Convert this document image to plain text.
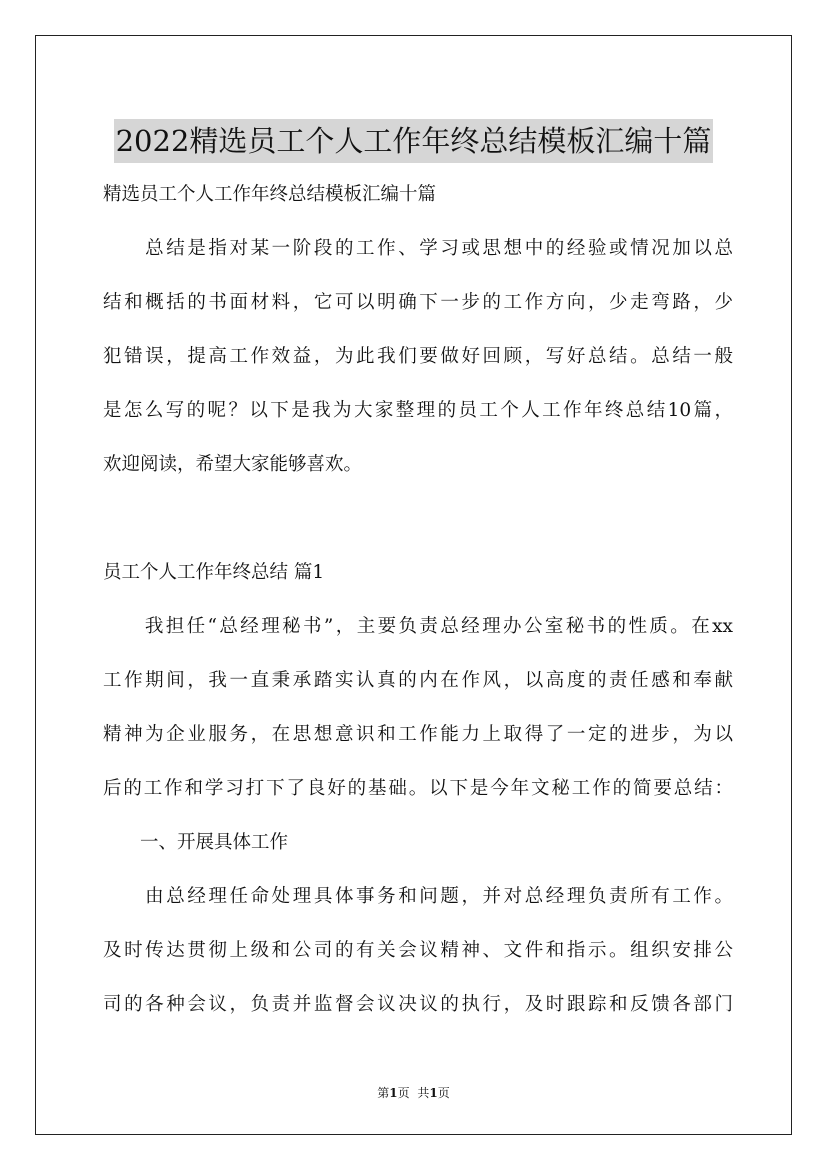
2022精选员工个人工作年终总结模板汇编十篇
精选员工个人工作年终总结模板汇编十篇
　　总结是指对某一阶段的工作、学习或思想中的经验或情况加以总
结和概括的书面材料，它可以明确下一步的工作方向，少走弯路，少
犯错误，提高工作效益，为此我们要做好回顾，写好总结。总结一般
是怎么写的呢？以下是我为大家整理的员工个人工作年终总结10篇，
欢迎阅读，希望大家能够喜欢。
员工个人工作年终总结 篇1
　　我担任“总经理秘书”，主要负责总经理办公室秘书的性质。在xx
工作期间，我一直秉承踏实认真的内在作风，以高度的责任感和奉献
精神为企业服务，在思想意识和工作能力上取得了一定的进步，为以
后的工作和学习打下了良好的基础。以下是今年文秘工作的简要总结：
　　一、开展具体工作
　　由总经理任命处理具体事务和问题，并对总经理负责所有工作。
及时传达贯彻上级和公司的有关会议精神、文件和指示。组织安排公
司的各种会议，负责并监督会议决议的执行，及时跟踪和反馈各部门
第1页 共1页
